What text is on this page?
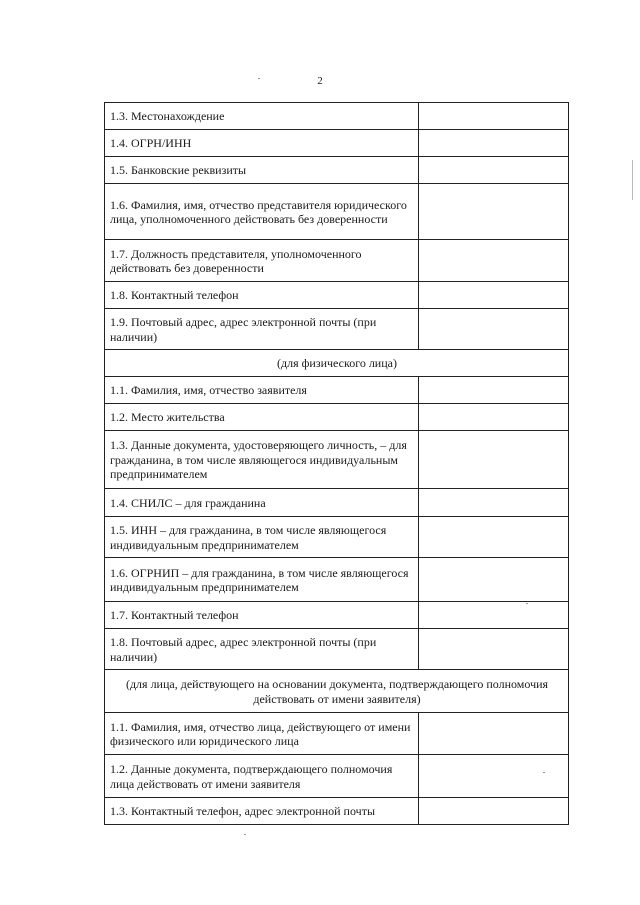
2
1.3. Местонахождение	
1.4. ОГРН/ИНН	
1.5. Банковские реквизиты	
1.6. Фамилия, имя, отчество представителя юридического лица, уполномоченного действовать без доверенности	
1.7. Должность представителя, уполномоченного действовать без доверенности	
1.8. Контактный телефон	
1.9. Почтовый адрес, адрес электронной почты (при наличии)	
(для физического лица)	
1.1. Фамилия, имя, отчество заявителя	
1.2. Место жительства	
1.3. Данные документа, удостоверяющего личность, – для гражданина, в том числе являющегося индивидуальным предпринимателем	
1.4. СНИЛС – для гражданина	
1.5. ИНН – для гражданина, в том числе являющегося индивидуальным предпринимателем	
1.6. ОГРНИП – для гражданина, в том числе являющегося индивидуальным предпринимателем	
1.7. Контактный телефон	
1.8. Почтовый адрес, адрес электронной почты (при наличии)	
(для лица, действующего на основании документа, подтверждающего полномочия действовать от имени заявителя)	
1.1. Фамилия, имя, отчество лица, действующего от имени физического или юридического лица	
1.2. Данные документа, подтверждающего полномочия лица действовать от имени заявителя	
1.3. Контактный телефон, адрес электронной почты	
